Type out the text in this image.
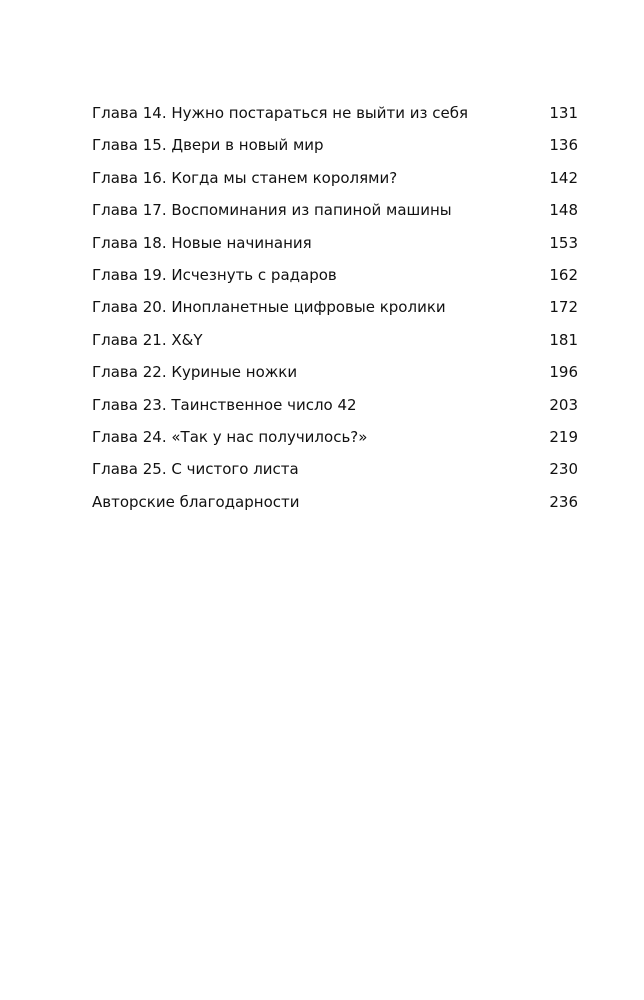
Глава 14. Нужно постараться не выйти из себя	131
Глава 15. Двери в новый мир	136
Глава 16. Когда мы станем королями?	142
Глава 17. Воспоминания из папиной машины	148
Глава 18. Новые начинания	153
Глава 19. Исчезнуть с радаров	162
Глава 20. Инопланетные цифровые кролики	172
Глава 21. X&Y	181
Глава 22. Куриные ножки	196
Глава 23. Таинственное число 42	203
Глава 24. «Так у нас получилось?»	219
Глава 25. С чистого листа	230
Авторские благодарности	236
